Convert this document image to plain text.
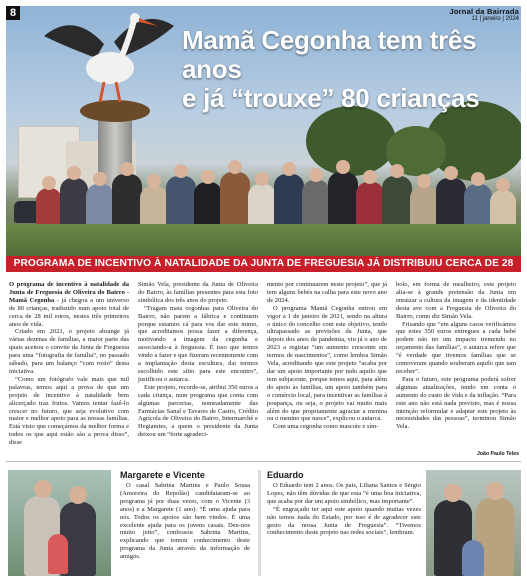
8	Jornal da Bairrada
11 | janeiro | 2024
Mamã Cegonha tem três anos
e já “trouxe” 80 crianças
PROGRAMA DE INCENTIVO À NATALIDADE DA JUNTA DE FREGUESIA JÁ DISTRIBUIU CERCA DE 28 MIL EUROS

O programa de incentivo à natalidade da Junta de Freguesia de Oliveira do Bairro - Mamã Cegonha - já chegou a um universo de 80 crianças, traduzido num apoio total de cerca de 28 mil euros, nestes três primeiros anos de vida.

Criado em 2021, o projeto abrange já várias dezenas de famílias, a maior parte das quais aceitou o convite da Junta de Freguesia para uma “fotografia de família”, no passado sábado, para um balanço “com rosto” desta iniciativa.

“Como um fotógrafo vale mais que mil palavras, temos aqui a prova de que um projeto de incentivo à natalidade bem alicerçado traz frutos. Vamos tentar fazê-lo crescer no futuro, que seja evolutivo com maior e melhor apoio para as nossas famílias. Está visto que começámos da melhor forma e todos os que aqui estão são a prova disso”, disse

Simão Vela, presidente da Junta de Oliveira do Bairro, às famílias presentes para esta foto simbólica dos três anos do projeto.

“Tragam mais cegonhas para Oliveira do Bairro, não parem a fábrica e continuem porque estamos cá para vos dar este mimo, que acreditamos possa fazer a diferença, motivando a imagem da cegonha e associando-a à freguesia. É isso que temos vindo a fazer e que fizeram recentemente com a implantação desta escultura, dai termos escolhido este sítio para este encontro”, justificou o autarca.

Este projeto, recorde-se, atribui 350 euros a cada criança, num programa que conta com algumas parcerias, nomeadamente das Farmácias Sanal e Tavares de Castro, Crédito Agrícola de Oliveira do Bairro, Intermarché e Hegiamtes, a quem o presidente da Junta deixou um “forte agradeci-

mento por continuarem neste projeto”, que já tem alguns bebés na calha para este novo ano de 2024.

O programa Mamã Cegonha entrou em vigor a 1 de janeiro de 2021, sendo na altura o único do concelho com este objetivo, tendo ultrapassado as previsões da Junta, que depois dos anos da pandemia, viu já o ano de 2023 a registar “um aumento crescente em termos de nascimentos”, como lembra Simão Vela, acreditando que este projeto “acaba por dar um apoio importante por tudo aquilo que tem subjacente, porque temos aqui, para além do apoio às famílias, um apoio também para o comércio local, para incentivar as famílias à poupança, ou seja, o projeto vai muito mais além do que propriamente agraciar a menina ou o menino que nasce”, explicou o autarca.

Com uma cegonha como mascote e sím-

bolo, em forma de mealheiro, este projeto alia-se à grande pretensão da Junta em enraizar a cultura da imagem e da identidade desta ave com a Freguesia de Oliveira do Bairro, como diz Simão Vela.

Frisando que “em alguns casos verificámos que estes 350 euros entregues a cada bebé podem não ter um impacto tremendo no orçamento das famílias”, o autarca refere que “é verdade que tivemos famílias que se comoveram quando souberam aquilo que iam receber”.

Para o futuro, este programa poderá sofrer algumas atualizações, tendo em conta o aumento do custo de vida e da inflação. “Para este ano não está nada previsto, mas é nossa intenção reformular e adaptar este projeto às necessidades das pessoas”, terminou Simão Vela.

João Paulo Teles
Margarete e Vicente

O casal Sabrina Martins e Paulo Sousa (Amoreira do Repolão) candidataram-se ao programa já por duas vezes, com o Vicente (3 anos) e a Margarete (1 ano). “É uma ajuda para nós. Todos os apoios são bem vindos. É uma excelente ajuda para os jovens casais. Deu-nos muito jeito”, confessou Sabrina Martins, explicando que tomou conhecimento deste programa da Junta através da informação de amigos.

Eduardo

O Eduardo tem 2 anos. Os pais, Liliana Santos e Sérgio Lopes, não têm dúvidas de que esta “é uma boa iniciativa, que acaba por dar um apoio simbólico, mas importante”.

“É engraçado ter aqui este apoio quando muitas vezes não temos nada do Estado, por isso é de agradecer este gesto da nossa Junta de Freguesia”. “Tivemos conhecimento deste projeto nas redes sociais”, lembram.
